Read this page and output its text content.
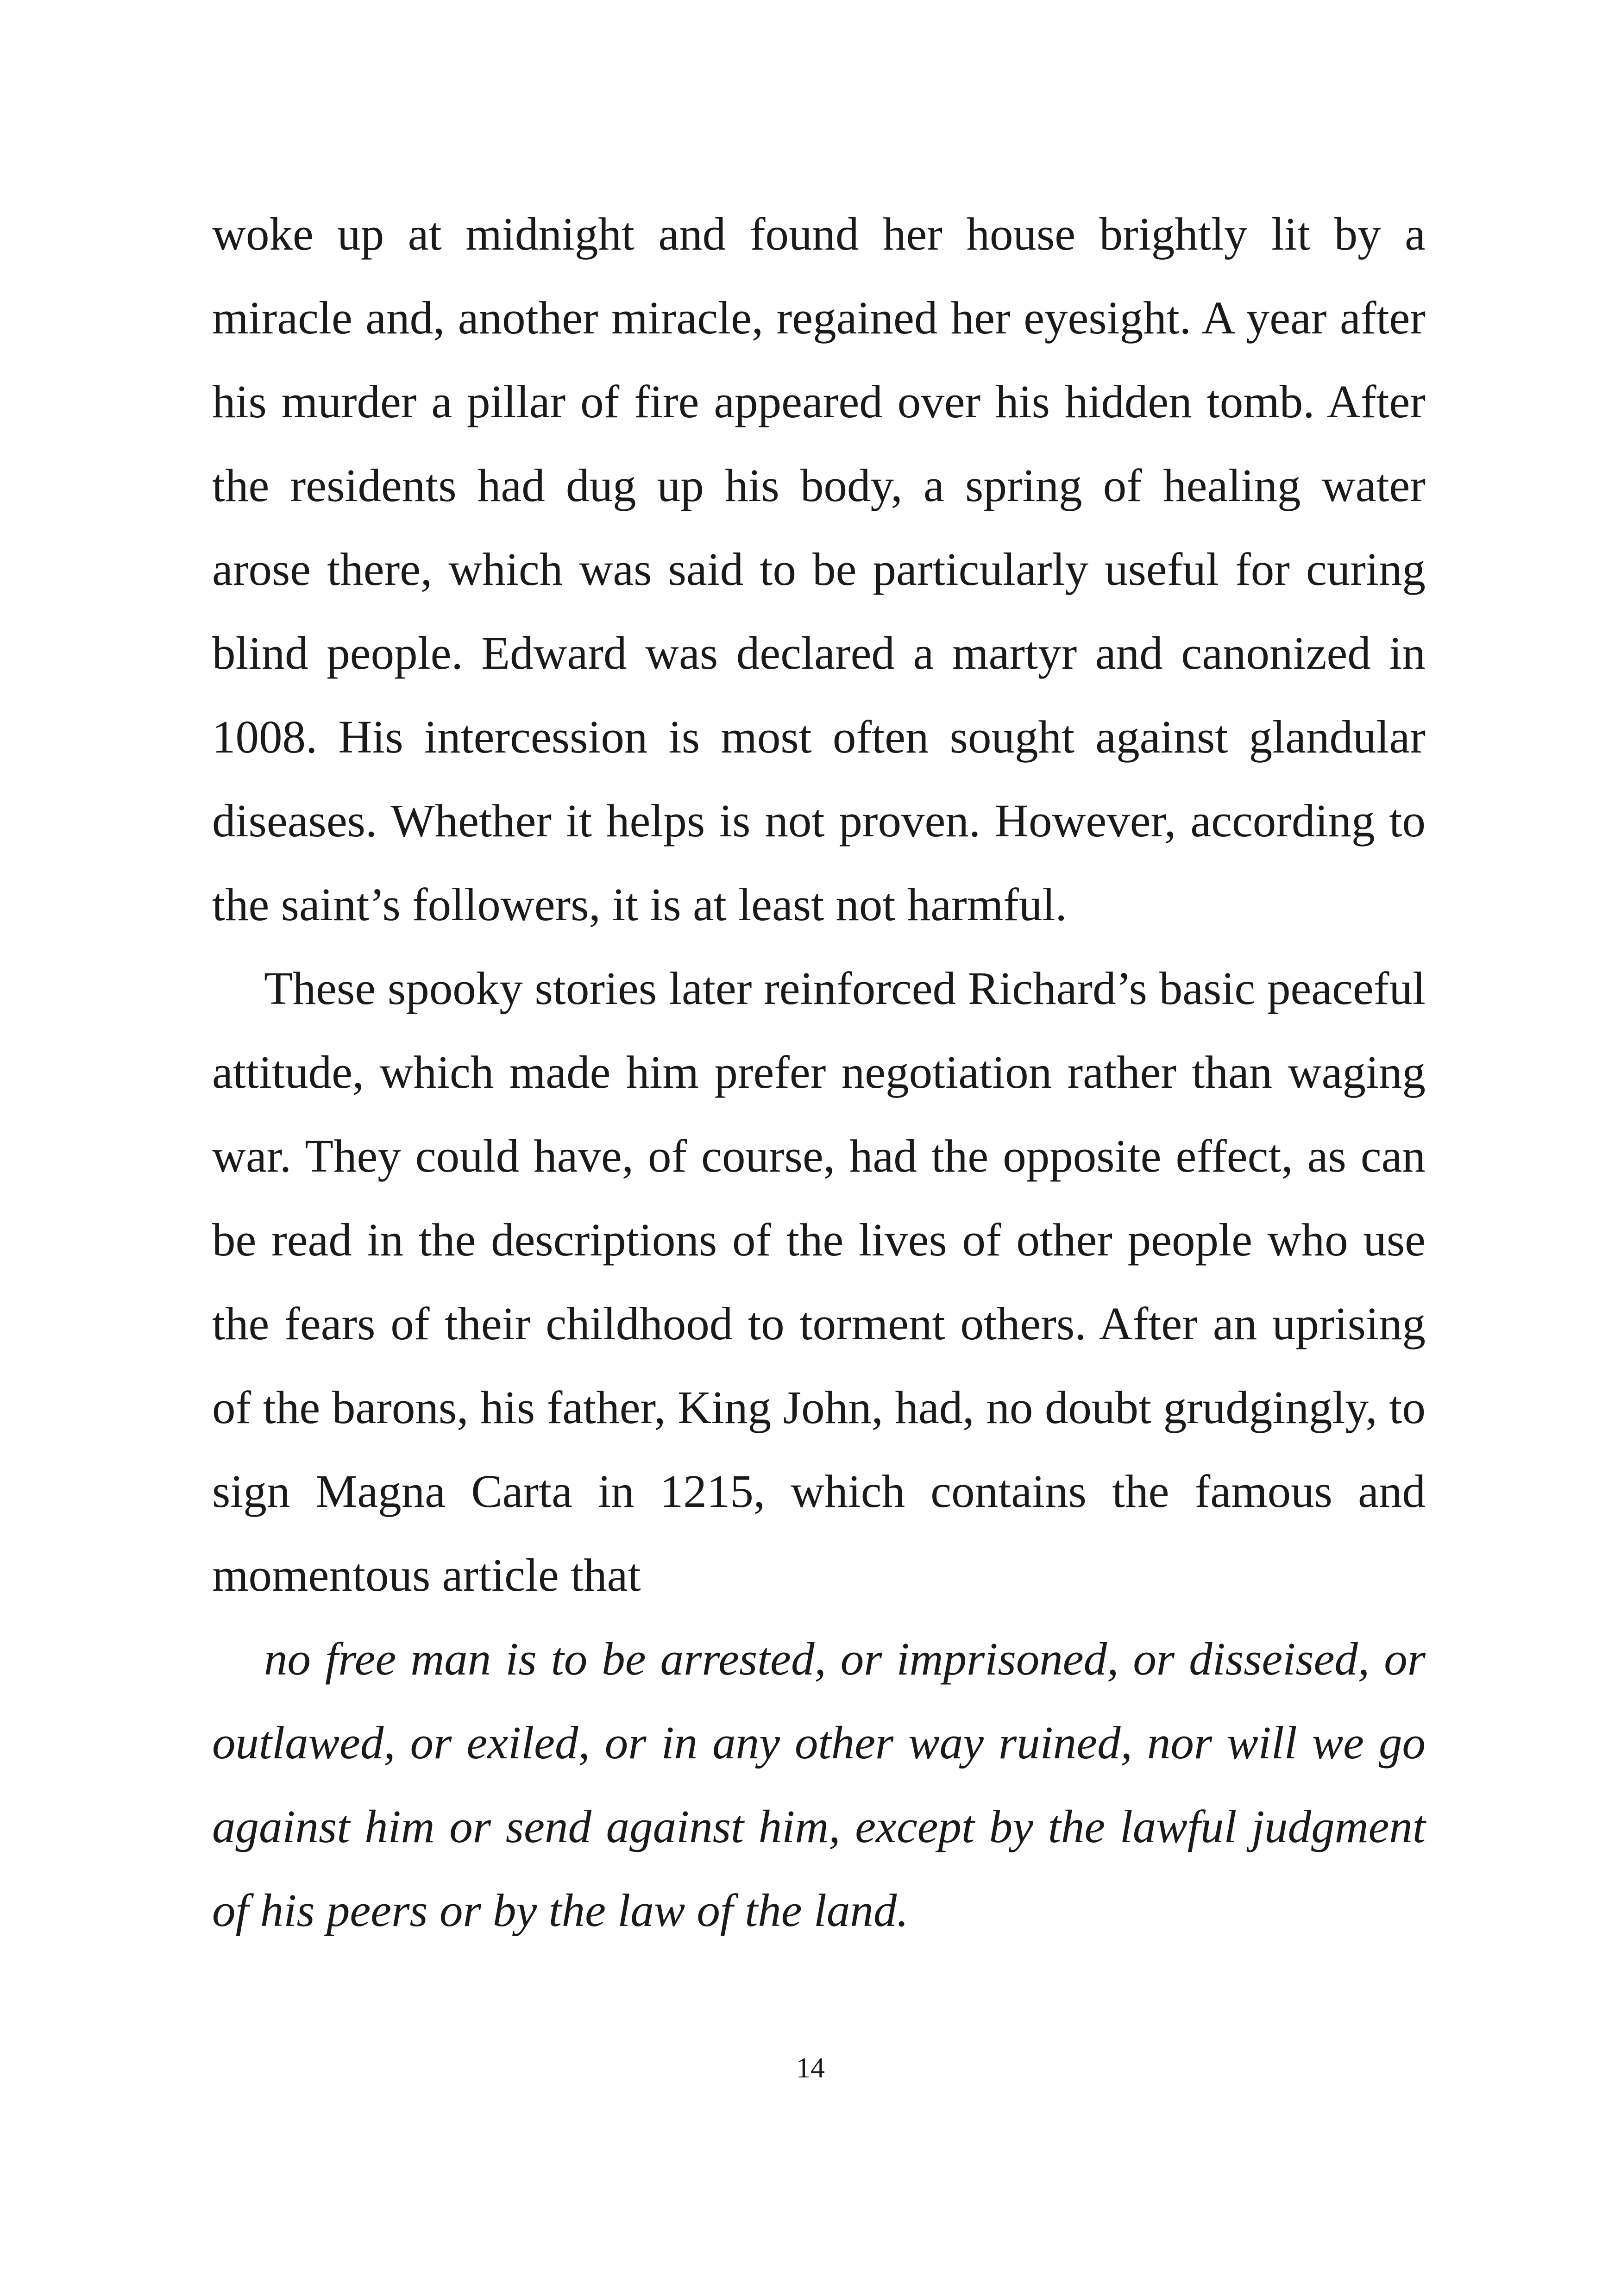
woke up at midnight and found her house brightly lit by a miracle and, another miracle, regained her eyesight. A year after his murder a pillar of fire appeared over his hidden tomb. After the residents had dug up his body, a spring of healing water arose there, which was said to be particularly useful for curing blind people. Edward was declared a martyr and canonized in 1008. His intercession is most often sought against glandular diseases. Whether it helps is not proven. However, according to the saint’s followers, it is at least not harmful.

These spooky stories later reinforced Richard’s basic peaceful attitude, which made him prefer negotiation rather than waging war. They could have, of course, had the opposite effect, as can be read in the descriptions of the lives of other people who use the fears of their childhood to torment others. After an uprising of the barons, his father, King John, had, no doubt grudgingly, to sign Magna Carta in 1215, which contains the famous and momentous article that

no free man is to be arrested, or imprisoned, or disseised, or outlawed, or exiled, or in any other way ruined, nor will we go against him or send against him, except by the lawful judgment of his peers or by the law of the land.

14
